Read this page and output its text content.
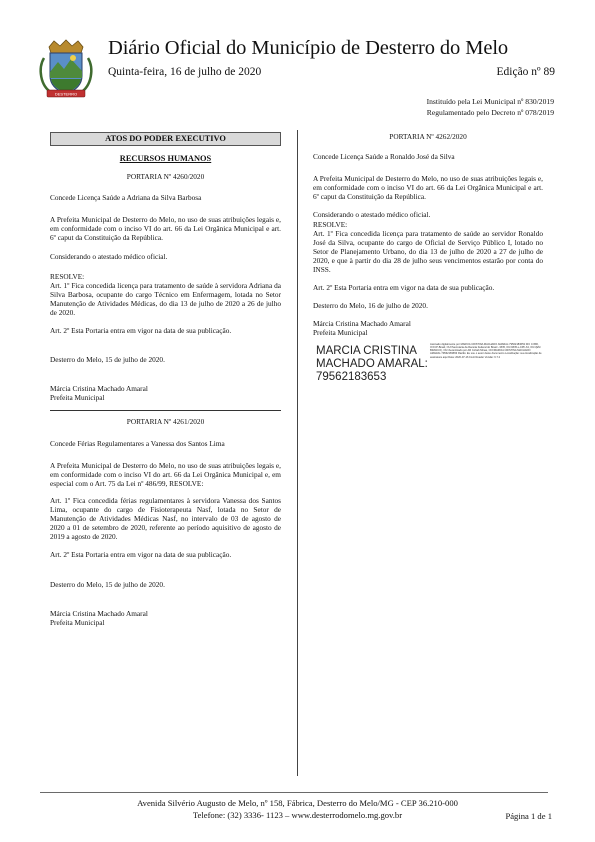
DESTERRO
Diário Oficial do Município de Desterro do Melo
Quinta-feira, 16 de julho de 2020	Edição nº 89
Instituído pela Lei Municipal nº 830/2019
Regulamentado pelo Decreto nº 078/2019
ATOS DO PODER EXECUTIVO
RECURSOS HUMANOS

PORTARIA Nº 4260/2020

Concede Licença Saúde a Adriana da Silva Barbosa

A Prefeita Municipal de Desterro do Melo, no uso de suas atribuições legais e, em conformidade com o inciso VI do art. 66 da Lei Orgânica Municipal e art. 6º caput da Constituição da República.

Considerando o atestado médico oficial.

RESOLVE:

Art. 1º Fica concedida licença para tratamento de saúde à servidora Adriana da Silva Barbosa, ocupante do cargo Técnico em Enfermagem, lotada no Setor Manutenção de Atividades Médicas, do dia 13 de julho de 2020 a 26 de julho de 2020.

Art. 2º Esta Portaria entra em vigor na data de sua publicação.

Desterro do Melo, 15 de julho de 2020.

Márcia Cristina Machado Amaral

Prefeita Municipal

PORTARIA Nº 4261/2020

Concede Férias Regulamentares a Vanessa dos Santos Lima

A Prefeita Municipal de Desterro do Melo, no uso de suas atribuições legais e, em conformidade com o inciso VI do art. 66 da Lei Orgânica Municipal e, em especial com o Art. 75 da Lei nº 486/99, RESOLVE:

Art. 1º Fica concedida férias regulamentares à servidora Vanessa dos Santos Lima, ocupante do cargo de Fisioterapeuta Nasf, lotada no Setor de Manutenção de Atividades Médicas Nasf, no intervalo de 03 de agosto de 2020 a 01 de setembro de 2020, referente ao período aquisitivo de agosto de 2019 a agosto de 2020.

Art. 2º Esta Portaria entra em vigor na data de sua publicação.

Desterro do Melo, 15 de julho de 2020.

Márcia Cristina Machado Amaral

Prefeita Municipal

PORTARIA Nº 4262/2020

Concede Licença Saúde a Ronaldo José da Silva

A Prefeita Municipal de Desterro do Melo, no uso de suas atribuições legais e, em conformidade com o inciso VI do art. 66 da Lei Orgânica Municipal e art. 6º caput da Constituição da República.

Considerando o atestado médico oficial.

RESOLVE:

Art. 1º Fica concedida licença para tratamento de saúde ao servidor Ronaldo José da Silva, ocupante do cargo de Oficial de Serviço Público I, lotado no Setor de Planejamento Urbano, do dia 13 de julho de 2020 a 27 de julho de 2020, e que à partir do dia 28 de julho seus vencimentos estarão por conta do INSS.

Art. 2º Esta Portaria entra em vigor na data de sua publicação.

Desterro do Melo, 16 de julho de 2020.

Márcia Cristina Machado Amaral

Prefeita Municipal

MARCIA CRISTINA
MACHADO AMARAL:
79562183653
Assinado digitalmente por MARCIA CRISTINA MACHADO AMARAL:79562183653 DN: C=BR, O=ICP-Brasil, OU=Secretaria da Receita Federal do Brasil - RFB, OU=RFB e-CPF A3, OU=(EM BRANCO), OU=Autenticado por AR Cohab Minas, CN=MARCIA CRISTINA MACHADO AMARAL:79562183653 Razão: Eu sou o autor deste documento Localização: sua localização de assinatura aqui Data: 2020-07-16 Foxit Reader Versão: 9.7.2
Avenida Silvério Augusto de Melo, nº 158, Fábrica, Desterro do Melo/MG - CEP 36.210-000
Telefone: (32) 3336- 1123 – www.desterrodomelo.mg.gov.br	Página 1 de 1
